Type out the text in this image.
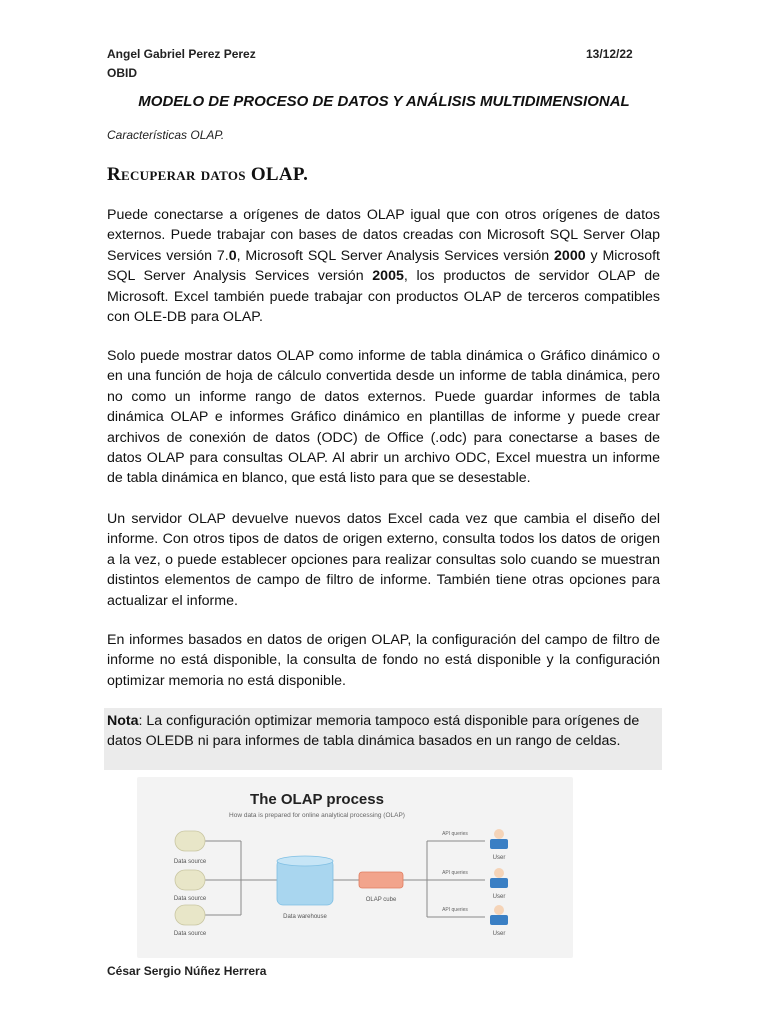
Angel Gabriel Perez Perez
OBID
13/12/22
MODELO DE PROCESO DE DATOS Y ANÁLISIS MULTIDIMENSIONAL
Características OLAP.
Recuperar datos OLAP.
Puede conectarse a orígenes de datos OLAP igual que con otros orígenes de datos externos. Puede trabajar con bases de datos creadas con Microsoft SQL Server Olap Services versión 7.0, Microsoft SQL Server Analysis Services versión 2000 y Microsoft SQL Server Analysis Services versión 2005, los productos de servidor OLAP de Microsoft. Excel también puede trabajar con productos OLAP de terceros compatibles con OLE-DB para OLAP.
Solo puede mostrar datos OLAP como informe de tabla dinámica o Gráfico dinámico o en una función de hoja de cálculo convertida desde un informe de tabla dinámica, pero no como un informe rango de datos externos. Puede guardar informes de tabla dinámica OLAP e informes Gráfico dinámico en plantillas de informe y puede crear archivos de conexión de datos (ODC) de Office (.odc) para conectarse a bases de datos OLAP para consultas OLAP. Al abrir un archivo ODC, Excel muestra un informe de tabla dinámica en blanco, que está listo para que se desestable.
Un servidor OLAP devuelve nuevos datos Excel cada vez que cambia el diseño del informe. Con otros tipos de datos de origen externo, consulta todos los datos de origen a la vez, o puede establecer opciones para realizar consultas solo cuando se muestran distintos elementos de campo de filtro de informe. También tiene otras opciones para actualizar el informe.
En informes basados en datos de origen OLAP, la configuración del campo de filtro de informe no está disponible, la consulta de fondo no está disponible y la configuración optimizar memoria no está disponible.

Nota: La configuración optimizar memoria tampoco está disponible para orígenes de datos OLEDB ni para informes de tabla dinámica basados en un rango de celdas.

The OLAP process
How data is prepared for online analytical processing (OLAP)
Data source
Data source
Data source
Data warehouse
OLAP cube
API queries
API queries
API queries
User
User
User
César Sergio Núñez Herrera
